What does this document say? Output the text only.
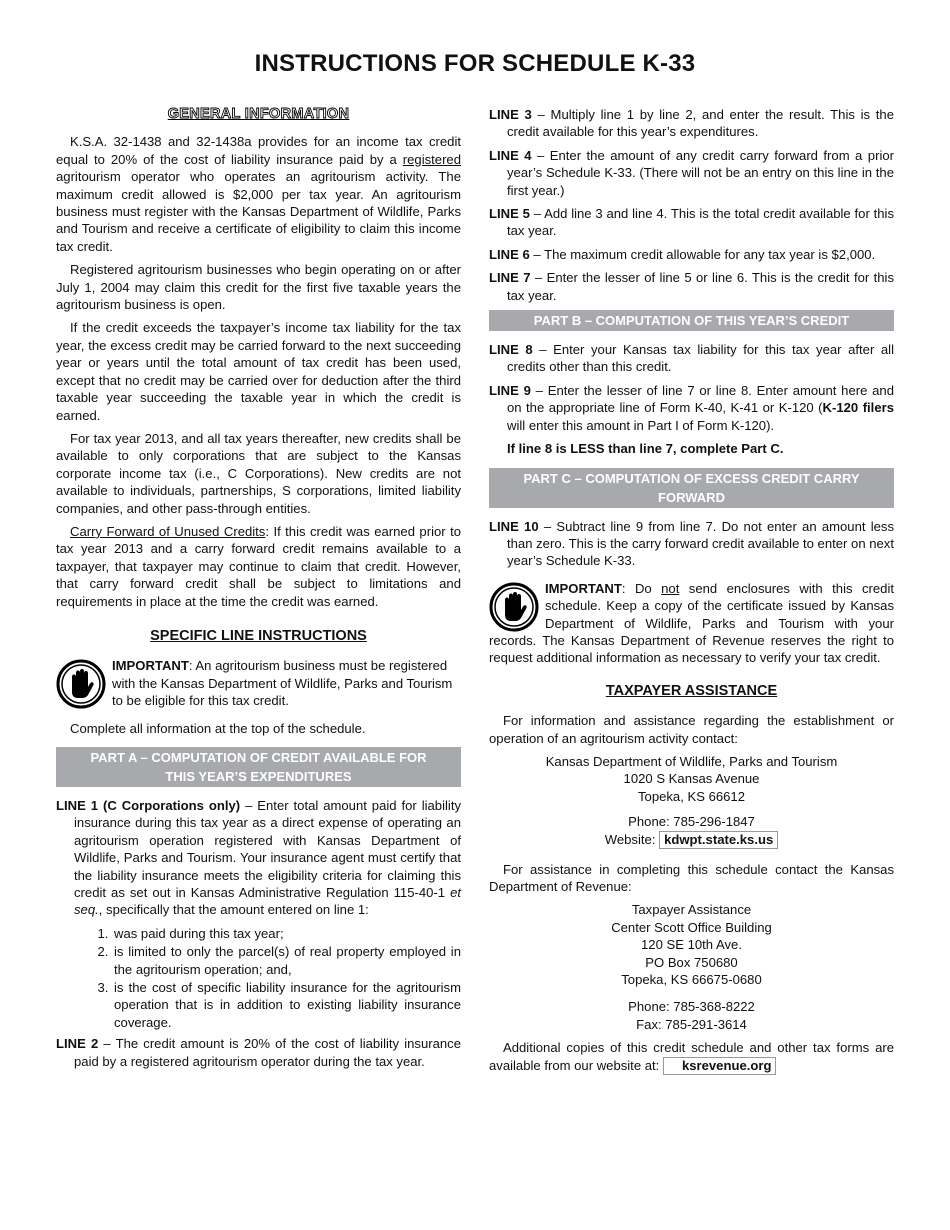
INSTRUCTIONS FOR SCHEDULE K-33
GENERAL INFORMATION

K.S.A. 32-1438 and 32-1438a provides for an income tax credit equal to 20% of the cost of liability insurance paid by a registered agritourism operator who operates an agritourism activity. The maximum credit allowed is $2,000 per tax year. An agritourism business must register with the Kansas Department of Wildlife, Parks and Tourism and receive a certificate of eligibility to claim this income tax credit.

Registered agritourism businesses who begin operating on or after July 1, 2004 may claim this credit for the first five taxable years the agritourism business is open.

If the credit exceeds the taxpayer’s income tax liability for the tax year, the excess credit may be carried forward to the next succeeding year or years until the total amount of tax credit has been used, except that no credit may be carried over for deduction after the third taxable year succeeding the taxable year in which the credit is earned.

For tax year 2013, and all tax years thereafter, new credits shall be available to only corporations that are subject to the Kansas corporate income tax (i.e., C Corporations). New credits are not available to individuals, partnerships, S corporations, limited liability companies, and other pass-through entities.

Carry Forward of Unused Credits: If this credit was earned prior to tax year 2013 and a carry forward credit remains available to a taxpayer, that taxpayer may continue to claim that credit. However, that carry forward credit shall be subject to limitations and requirements in place at the time the credit was earned.

SPECIFIC LINE INSTRUCTIONS
IMPORTANT: An agritourism business must be registered with the Kansas Department of Wildlife, Parks and Tourism to be eligible for this tax credit.

Complete all information at the top of the schedule.

PART A – COMPUTATION OF CREDIT AVAILABLE FOR
THIS YEAR’S EXPENDITURES

LINE 1 (C Corporations only) – Enter total amount paid for liability insurance during this tax year as a direct expense of operating an agritourism operation registered with Kansas Department of Wildlife, Parks and Tourism. Your insurance agent must certify that the liability insurance meets the eligibility criteria for claiming this credit as set out in Kansas Administrative Regulation 115-40-1 et seq., specifically that the amount entered on line 1:

1. was paid during this tax year;
2. is limited to only the parcel(s) of real property employed in the agritourism operation; and,
3. is the cost of specific liability insurance for the agritourism operation that is in addition to existing liability insurance coverage.

LINE 2 – The credit amount is 20% of the cost of liability insurance paid by a registered agritourism operator during the tax year.

LINE 3 – Multiply line 1 by line 2, and enter the result. This is the credit available for this year’s expenditures.

LINE 4 – Enter the amount of any credit carry forward from a prior year’s Schedule K-33. (There will not be an entry on this line in the first year.)

LINE 5 – Add line 3 and line 4. This is the total credit available for this tax year.

LINE 6 – The maximum credit allowable for any tax year is $2,000.

LINE 7 – Enter the lesser of line 5 or line 6. This is the credit for this tax year.

PART B – COMPUTATION OF THIS YEAR’S CREDIT

LINE 8 – Enter your Kansas tax liability for this tax year after all credits other than this credit.

LINE 9 – Enter the lesser of line 7 or line 8. Enter amount here and on the appropriate line of Form K-40, K-41 or K-120 (K-120 filers will enter this amount in Part I of Form K-120).

If line 8 is LESS than line 7, complete Part C.

PART C – COMPUTATION OF EXCESS CREDIT CARRY FORWARD

LINE 10 – Subtract line 9 from line 7. Do not enter an amount less than zero. This is the carry forward credit available to enter on next year’s Schedule K-33.

IMPORTANT: Do not send enclosures with this credit schedule. Keep a copy of the certificate issued by Kansas Department of Wildlife, Parks and Tourism with your records. The Kansas Department of Revenue reserves the right to request additional information as necessary to verify your tax credit.
TAXPAYER ASSISTANCE

For information and assistance regarding the establishment or operation of an agritourism activity contact:

Kansas Department of Wildlife, Parks and Tourism
1020 S Kansas Avenue
Topeka, KS 66612
Phone: 785-296-1847
Website: kdwpt.state.ks.us

For assistance in completing this schedule contact the Kansas Department of Revenue:

Taxpayer Assistance
Center Scott Office Building
120 SE 10th Ave.
PO Box 750680
Topeka, KS 66675-0680
Phone: 785-368-8222
Fax: 785-291-3614

Additional copies of this credit schedule and other tax forms are available from our website at: ksrevenue.org
